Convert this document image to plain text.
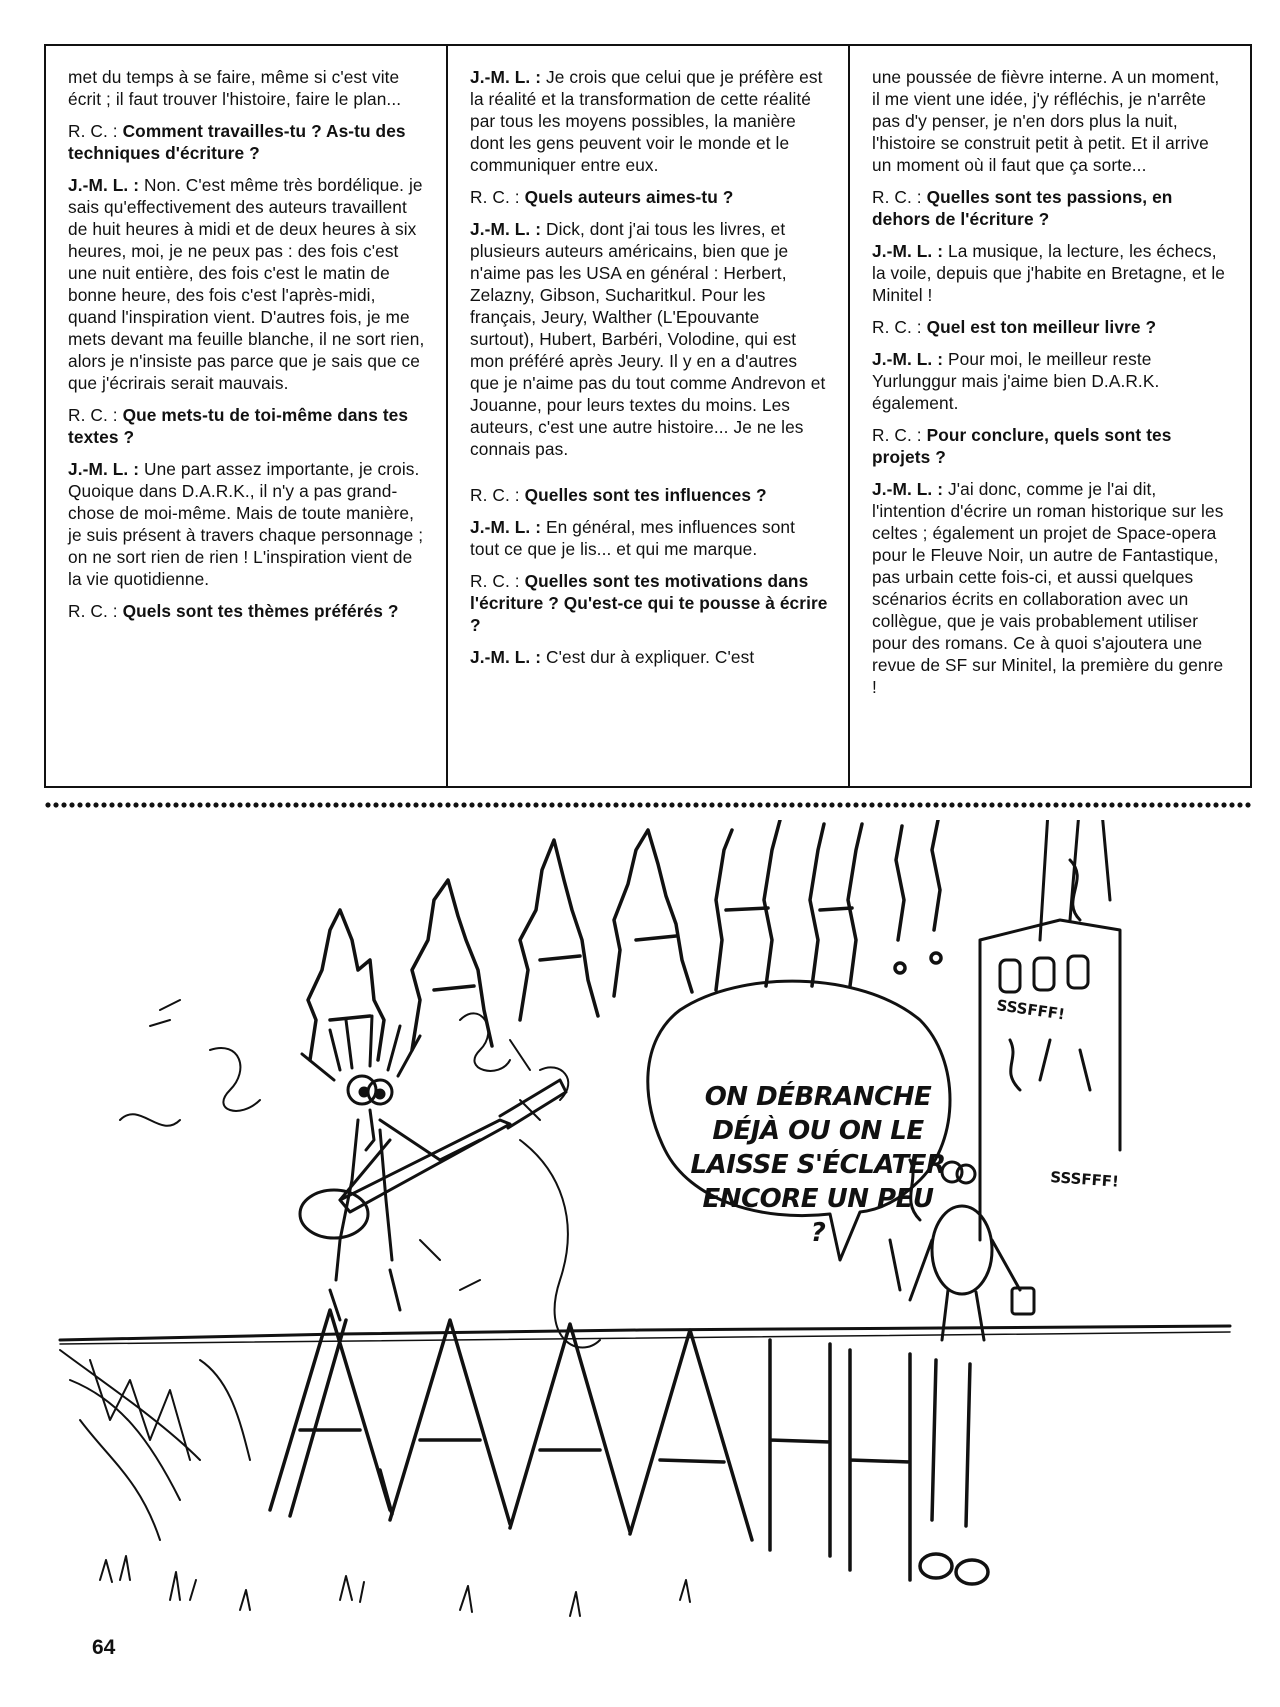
met du temps à se faire, même si c'est vite écrit ; il faut trouver l'histoire, faire le plan...

R. C. : Comment travailles-tu ? As-tu des techniques d'écriture ?

J.-M. L. : Non. C'est même très bordélique. je sais qu'effectivement des auteurs travaillent de huit heures à midi et de deux heures à six heures, moi, je ne peux pas : des fois c'est une nuit entière, des fois c'est le matin de bonne heure, des fois c'est l'après-midi, quand l'inspiration vient. D'autres fois, je me mets devant ma feuille blanche, il ne sort rien, alors je n'insiste pas parce que je sais que ce que j'écrirais serait mauvais.

R. C. : Que mets-tu de toi-même dans tes textes ?

J.-M. L. : Une part assez importante, je crois. Quoique dans D.A.R.K., il n'y a pas grand-chose de moi-même. Mais de toute manière, je suis présent à travers chaque personnage ; on ne sort rien de rien ! L'inspiration vient de la vie quotidienne.

R. C. : Quels sont tes thèmes préférés ?

J.-M. L. : Je crois que celui que je préfère est la réalité et la transformation de cette réalité par tous les moyens possibles, la manière dont les gens peuvent voir le monde et le communiquer entre eux.

R. C. : Quels auteurs aimes-tu ?

J.-M. L. : Dick, dont j'ai tous les livres, et plusieurs auteurs américains, bien que je n'aime pas les USA en général : Herbert, Zelazny, Gibson, Sucharitkul. Pour les français, Jeury, Walther (L'Epouvante surtout), Hubert, Barbéri, Volodine, qui est mon préféré après Jeury. Il y en a d'autres que je n'aime pas du tout comme Andrevon et Jouanne, pour leurs textes du moins. Les auteurs, c'est une autre histoire... Je ne les connais pas.

R. C. : Quelles sont tes influences ?

J.-M. L. : En général, mes influences sont tout ce que je lis... et qui me marque.

R. C. : Quelles sont tes motivations dans l'écriture ? Qu'est-ce qui te pousse à écrire ?

J.-M. L. : C'est dur à expliquer. C'est

une poussée de fièvre interne. A un moment, il me vient une idée, j'y réfléchis, je n'arrête pas d'y penser, je n'en dors plus la nuit, l'histoire se construit petit à petit. Et il arrive un moment où il faut que ça sorte...

R. C. : Quelles sont tes passions, en dehors de l'écriture ?

J.-M. L. : La musique, la lecture, les échecs, la voile, depuis que j'habite en Bretagne, et le Minitel !

R. C. : Quel est ton meilleur livre ?

J.-M. L. : Pour moi, le meilleur reste Yurlunggur mais j'aime bien D.A.R.K. également.

R. C. : Pour conclure, quels sont tes projets ?

J.-M. L. : J'ai donc, comme je l'ai dit, l'intention d'écrire un roman historique sur les celtes ; également un projet de Space-opera pour le Fleuve Noir, un autre de Fantastique, pas urbain cette fois-ci, et aussi quelques scénarios écrits en collaboration avec un collègue, que je vais probablement utiliser pour des romans. Ce à quoi s'ajoutera une revue de SF sur Minitel, la première du genre !

SSSFFF!
SSSFFF!
ON DÉBRANCHE
DÉJÀ OU ON LE
LAISSE S'ÉCLATER
ENCORE UN PEU
?
64
